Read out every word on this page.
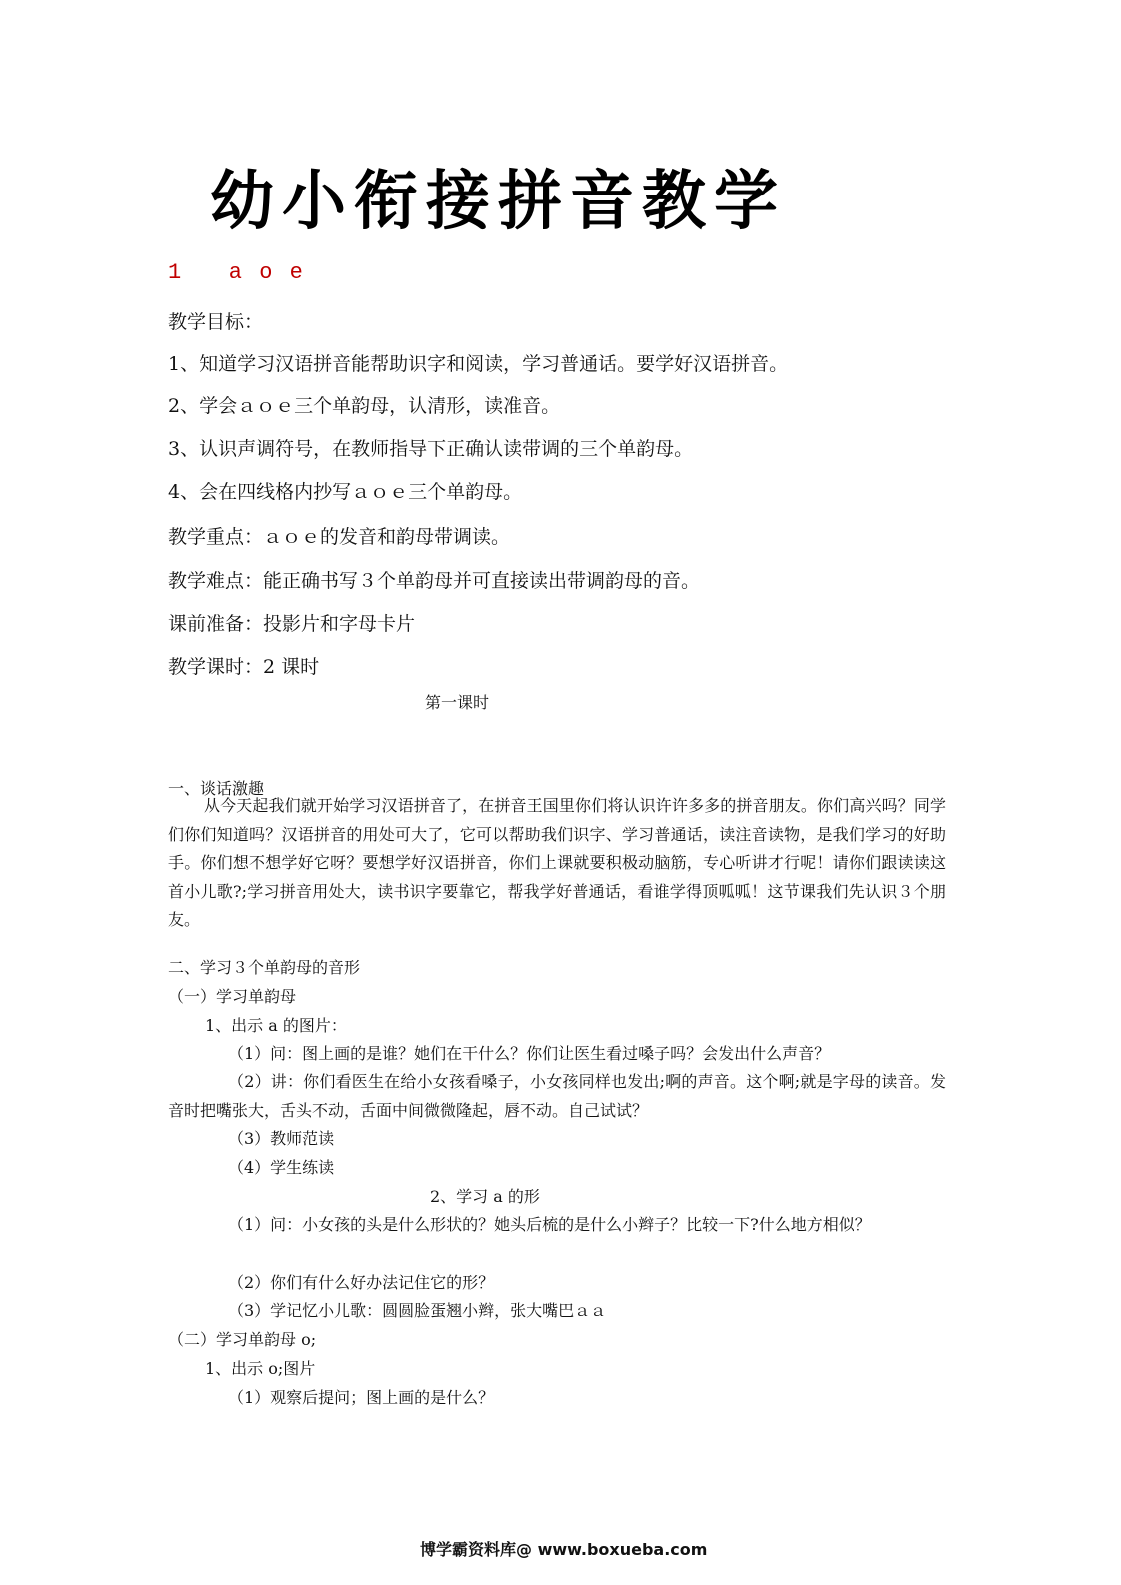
幼小衔接拼音教学
1   a o e
教学目标：
1、知道学习汉语拼音能帮助识字和阅读，学习普通话。要学好汉语拼音。
2、学会ａｏｅ三个单韵母，认清形，读准音。
3、认识声调符号，在教师指导下正确认读带调的三个单韵母。
4、会在四线格内抄写ａｏｅ三个单韵母。
教学重点：ａｏｅ的发音和韵母带调读。
教学难点：能正确书写３个单韵母并可直接读出带调韵母的音。
课前准备：投影片和字母卡片
教学课时：2 课时
第一课时
一、谈话激趣
从今天起我们就开始学习汉语拼音了，在拼音王国里你们将认识许许多多的拼音朋友。你们高兴吗？同学们你们知道吗？汉语拼音的用处可大了，它可以帮助我们识字、学习普通话，读注音读物，是我们学习的好助手。你们想不想学好它呀？要想学好汉语拼音，你们上课就要积极动脑筋，专心听讲才行呢！请你们跟读读这首小儿歌?;学习拼音用处大，读书识字要靠它，帮我学好普通话，看谁学得顶呱呱！这节课我们先认识３个朋友。
二、学习３个单韵母的音形
（一）学习单韵母
1、出示 a 的图片：
（1）问：图上画的是谁？她们在干什么？你们让医生看过嗓子吗？会发出什么声音？
（2）讲：你们看医生在给小女孩看嗓子，小女孩同样也发出;啊的声音。这个啊;就是字母的读音。发音时把嘴张大，舌头不动，舌面中间微微隆起，唇不动。自己试试？
（3）教师范读
（4）学生练读
2、学习 a 的形
（1）问：小女孩的头是什么形状的？她头后梳的是什么小辫子？比较一下?什么地方相似？
（2）你们有什么好办法记住它的形？
（3）学记忆小儿歌：圆圆脸蛋翘小辫，张大嘴巴ａａ
（二）学习单韵母 o;
1、出示 o;图片
（1）观察后提问；图上画的是什么？
博学霸资料库@ www.boxueba.com
